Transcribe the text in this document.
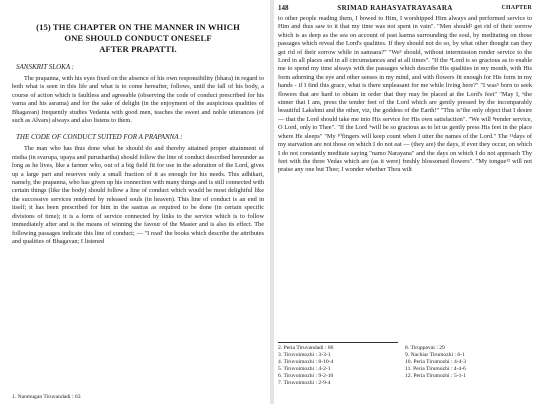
(15) THE CHAPTER ON THE MANNER IN WHICH
ONE SHOULD CONDUCT ONESELF
AFTER PRAPATTI.
SANSKRIT SLOKA :

The prapanna, with his eyes fixed on the absence of his own responsibility (bhara) in regard to both what is seen in this life and what is to come hereafter, follows, until the fall of his body, a course of action which is faultless and agreeable (observing the code of conduct prescribed for his varna and his asrama) and for the sake of delight (in the enjoyment of the auspicious qualities of Bhagavan) frequently studies Vedanta with good men, teaches the sweet and noble utterances (of such as Alvars) always and also listens to them.

THE CODE OF CONDUCT SUITED FOR A PRAPANNA :

The man who has thus done what he should do and thereby attained proper attainment of nistha (in svarupa, upaya and purushartha) should follow the line of conduct described hereunder as long as he lives, like a farmer who, out of a big field fit for use in the adoration of the Lord, gives up a large part and reserves only a small fraction of it as enough for his needs. This adhikari, namely, the prapanna, who has given up his connection with many things and is still connected with certain things (like the body) should follow a line of conduct which would be most delightful like the successive services rendered by released souls (in heaven). This line of conduct is an end in itself; it has been prescribed for him in the sastras as required to be done (in certain specific divisions of time); it is a form of service connected by links to the service which is to follow immediately after and is the means of winning the favour of the Master and is also its effect. The following passages indicate this line of conduct; — "I read' the books which describe the attributes and qualities of Bhagavan; I listened

1. Nanmugan Tiruvandadi : 63
148	SRIMAD RAHASYATRAYASARA	CHAPTER

to other people reading them, I bowed to Him, I worshipped Him always and performed service to Him and thus saw to it that my time was not spent in vain". "Men should² get rid of their sorrow which is as deep as the sea on account of past karma surrounding the soul, by meditating on those passages which reveal the Lord's qualities. If they should not do so, by what other thought can they get rid of their sorrow while in samsara?" "We³ should, without intermission render service to the Lord in all places and in all circumstances and at all times". "If the ⁴Lord is so gracious as to enable me to spend my time always with the passages which describe His qualities in my mouth, with His form adorning the eye and other senses in my mind, and with flowers fit enough for His form in my hands - if I find this grace, what is there unpleasant for me while living here?" "I was⁵ born to seek flowers that are hard to obtain in order that they may be placed at the Lord's feet" "May I, ⁶the sinner that I am, press the tender feet of the Lord which are gently pressed by the incomparably beautiful Lakshmi and the other, viz, the goddess of the Earth!" "This is⁷the only object that I desire — that the Lord should take me into His service for His own satisfaction". "We will ⁸render service, O Lord, only to Thee". "If the Lord ⁹will be so gracious as to let us gently press His feet in the place where He sleeps" "My ¹⁰fingers will keep count when I utter the names of the Lord." The ¹¹days of my starvation are not those on which I do not eat — (they are) the days, if ever they occur, on which I do not constantly meditate saying "namo Narayana" and the days on which I do not approach Thy feet with the three Vedas which are (as it were) freshly blossomed flowers". "My tongue¹² will not praise any one but Thee; I wonder whether Thou wilt

2. Peria Tiruvandadi : 86
3. Tiruvoimozhi : 3-3-1
4. Tiruvoimozhi : 8-10-4
5. Tiruvoimozhi : 4-2-1
6. Tiruvoimozhi : 9-2-10
7. Tiruvoimozhi : 2-9-4
8. Tiruppavai : 29
9. Nachiar Tirumozhi : 6-1
10. Peria Tirumozhi : 4-4-3
11. Peria Tirumozhi : 4-4-6
12. Peria Tirumozhi : 5-1-1
